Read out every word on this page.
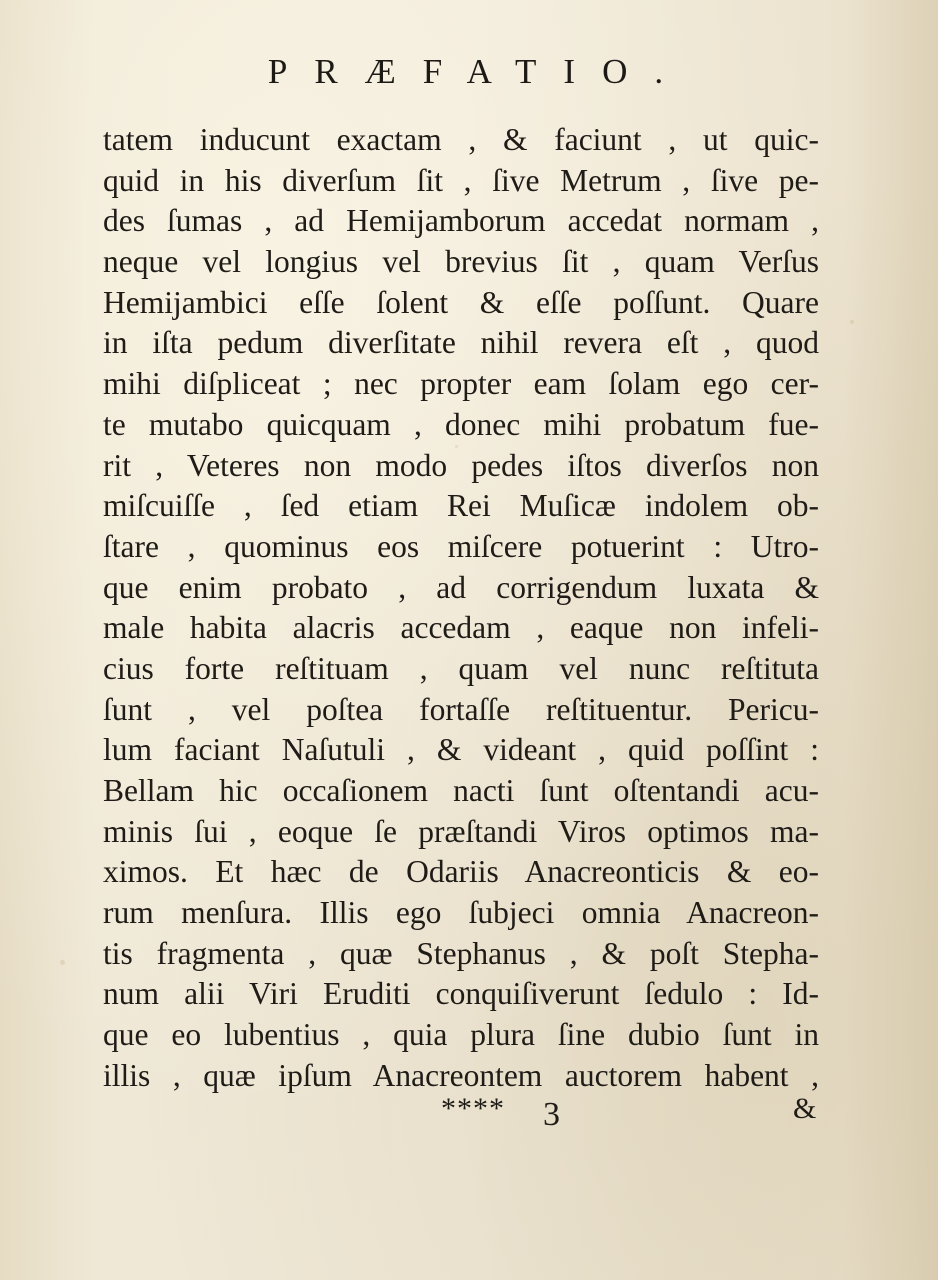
PRÆFATIO.
tatem inducunt exactam , & faciunt , ut quic-
quid in his diverſum ſit , ſive Metrum , ſive pe-
des ſumas , ad Hemijamborum accedat normam ,
neque vel longius vel brevius ſit , quam Verſus
Hemijambici eſſe ſolent & eſſe poſſunt. Quare
in iſta pedum diverſitate nihil revera eſt , quod
mihi diſpliceat ; nec propter eam ſolam ego cer-
te mutabo quicquam , donec mihi probatum fue-
rit , Veteres non modo pedes iſtos diverſos non
miſcuiſſe , ſed etiam Rei Muſicæ indolem ob-
ſtare , quominus eos miſcere potuerint : Utro-
que enim probato , ad corrigendum luxata &
male habita alacris accedam , eaque non infeli-
cius forte reſtituam , quam vel nunc reſtituta
ſunt , vel poſtea fortaſſe reſtituentur. Pericu-
lum faciant Naſutuli , & videant , quid poſſint :
Bellam hic occaſionem nacti ſunt oſtentandi acu-
minis ſui , eoque ſe præſtandi Viros optimos ma-
ximos. Et hæc de Odariis Anacreonticis & eo-
rum menſura. Illis ego ſubjeci omnia Anacreon-
tis fragmenta , quæ Stephanus , & poſt Stepha-
num alii Viri Eruditi conquiſiverunt ſedulo : Id-
que eo lubentius , quia plura ſine dubio ſunt in
illis , quæ ipſum Anacreontem auctorem habent ,
**** 3	&
